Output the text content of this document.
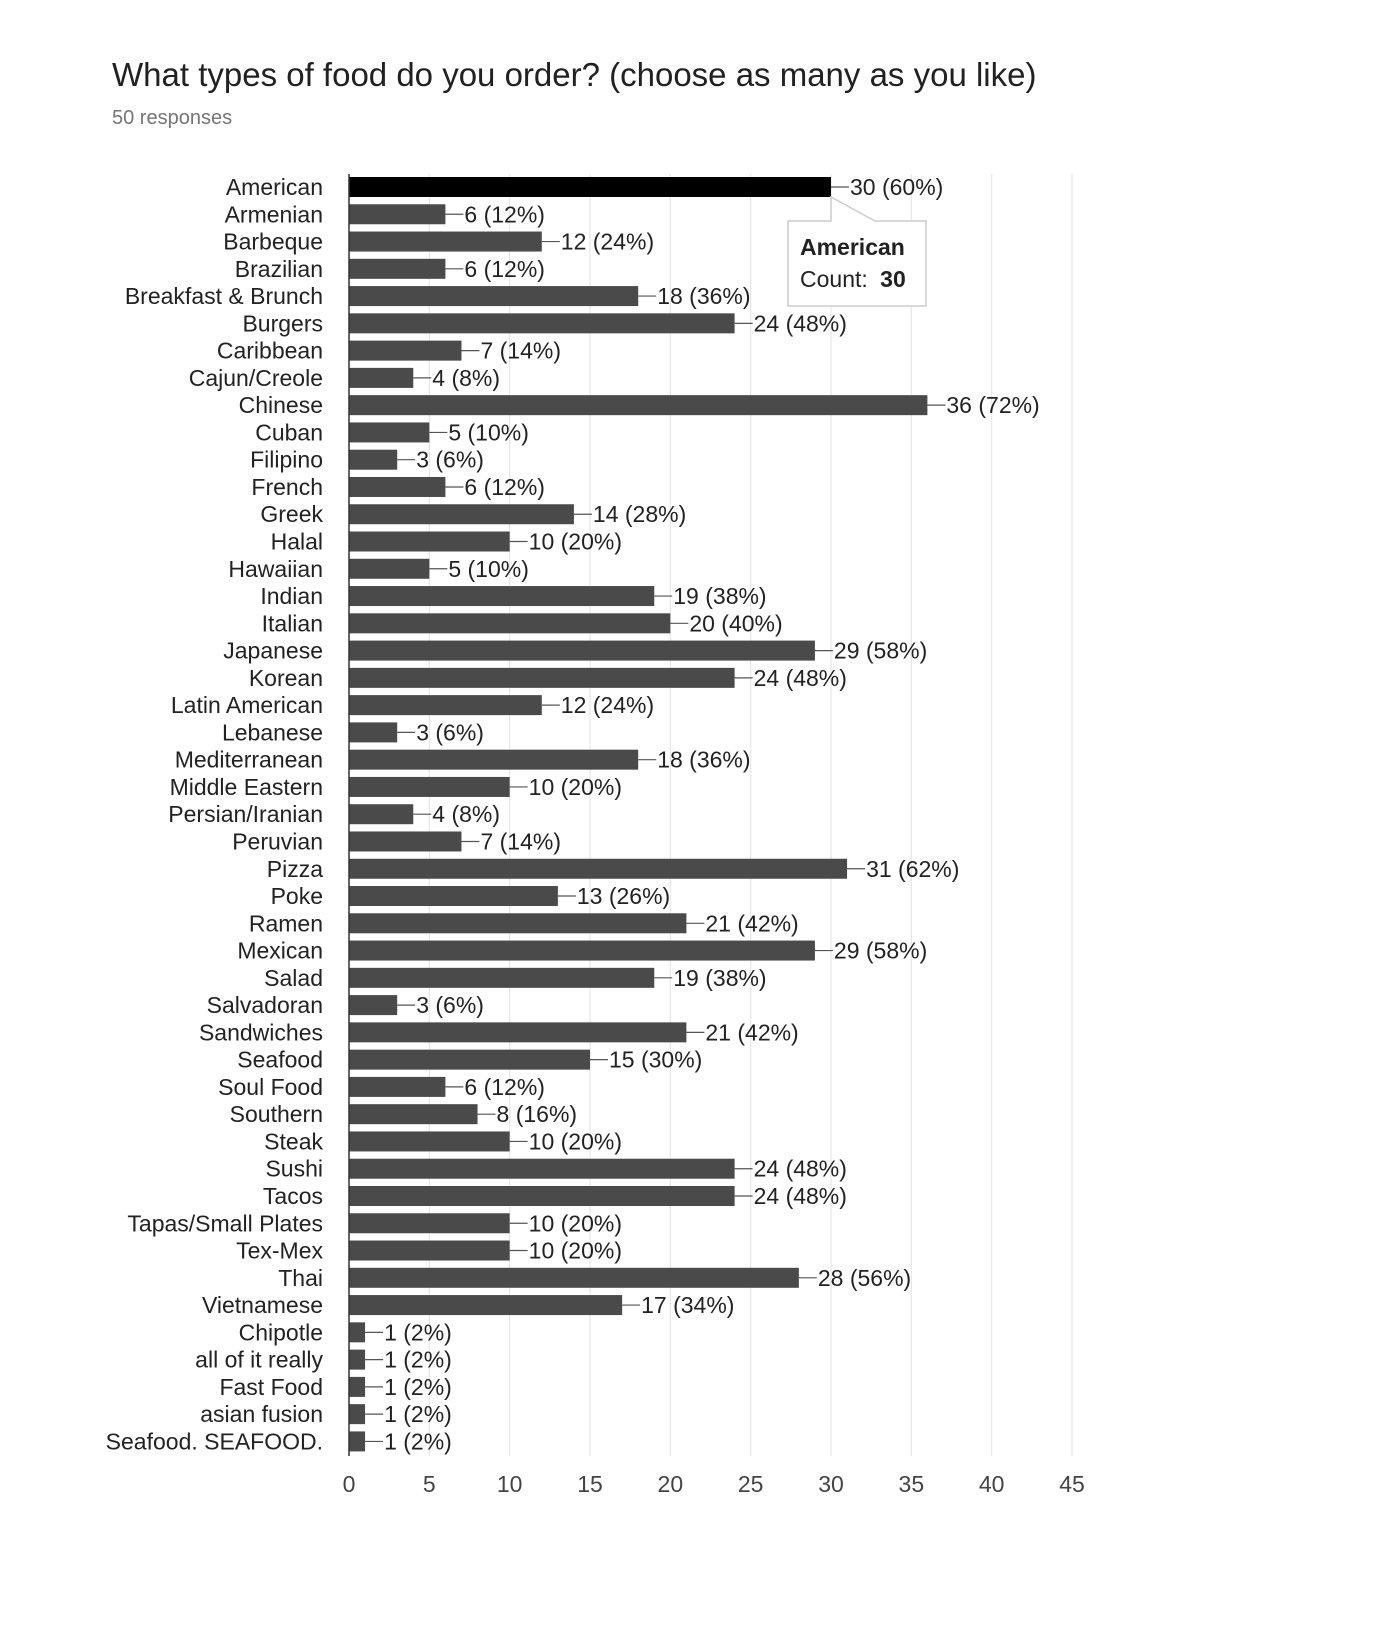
What types of food do you order? (choose as many as you like)
50 responses
30 (60%)
6 (12%)
12 (24%)
6 (12%)
18 (36%)
24 (48%)
7 (14%)
4 (8%)
36 (72%)
5 (10%)
3 (6%)
6 (12%)
14 (28%)
10 (20%)
5 (10%)
19 (38%)
20 (40%)
29 (58%)
24 (48%)
12 (24%)
3 (6%)
18 (36%)
10 (20%)
4 (8%)
7 (14%)
31 (62%)
13 (26%)
21 (42%)
29 (58%)
19 (38%)
3 (6%)
21 (42%)
15 (30%)
6 (12%)
8 (16%)
10 (20%)
24 (48%)
24 (48%)
10 (20%)
10 (20%)
28 (56%)
17 (34%)
1 (2%)
1 (2%)
1 (2%)
1 (2%)
1 (2%)
0	5	10 15 20 25 30 35 40 45
American
Armenian
Barbeque
Brazilian
Breakfast & Brunch
Burgers
Caribbean
Cajun/Creole
Chinese
Cuban
Filipino
French
Greek
Halal
Hawaiian
Indian
Italian
Japanese
Korean
Latin American
Lebanese
Mediterranean
Middle Eastern
Persian/Iranian
Peruvian
Pizza
Poke
Ramen
Mexican
Salad
Salvadoran
Sandwiches
Seafood
Soul Food
Southern
Steak
Sushi
Tacos
Tapas/Small Plates
Tex-Mex
Thai
Vietnamese
Chipotle
all of it really
Fast Food
asian fusion
Seafood. SEAFOOD.
American
Count: 30
